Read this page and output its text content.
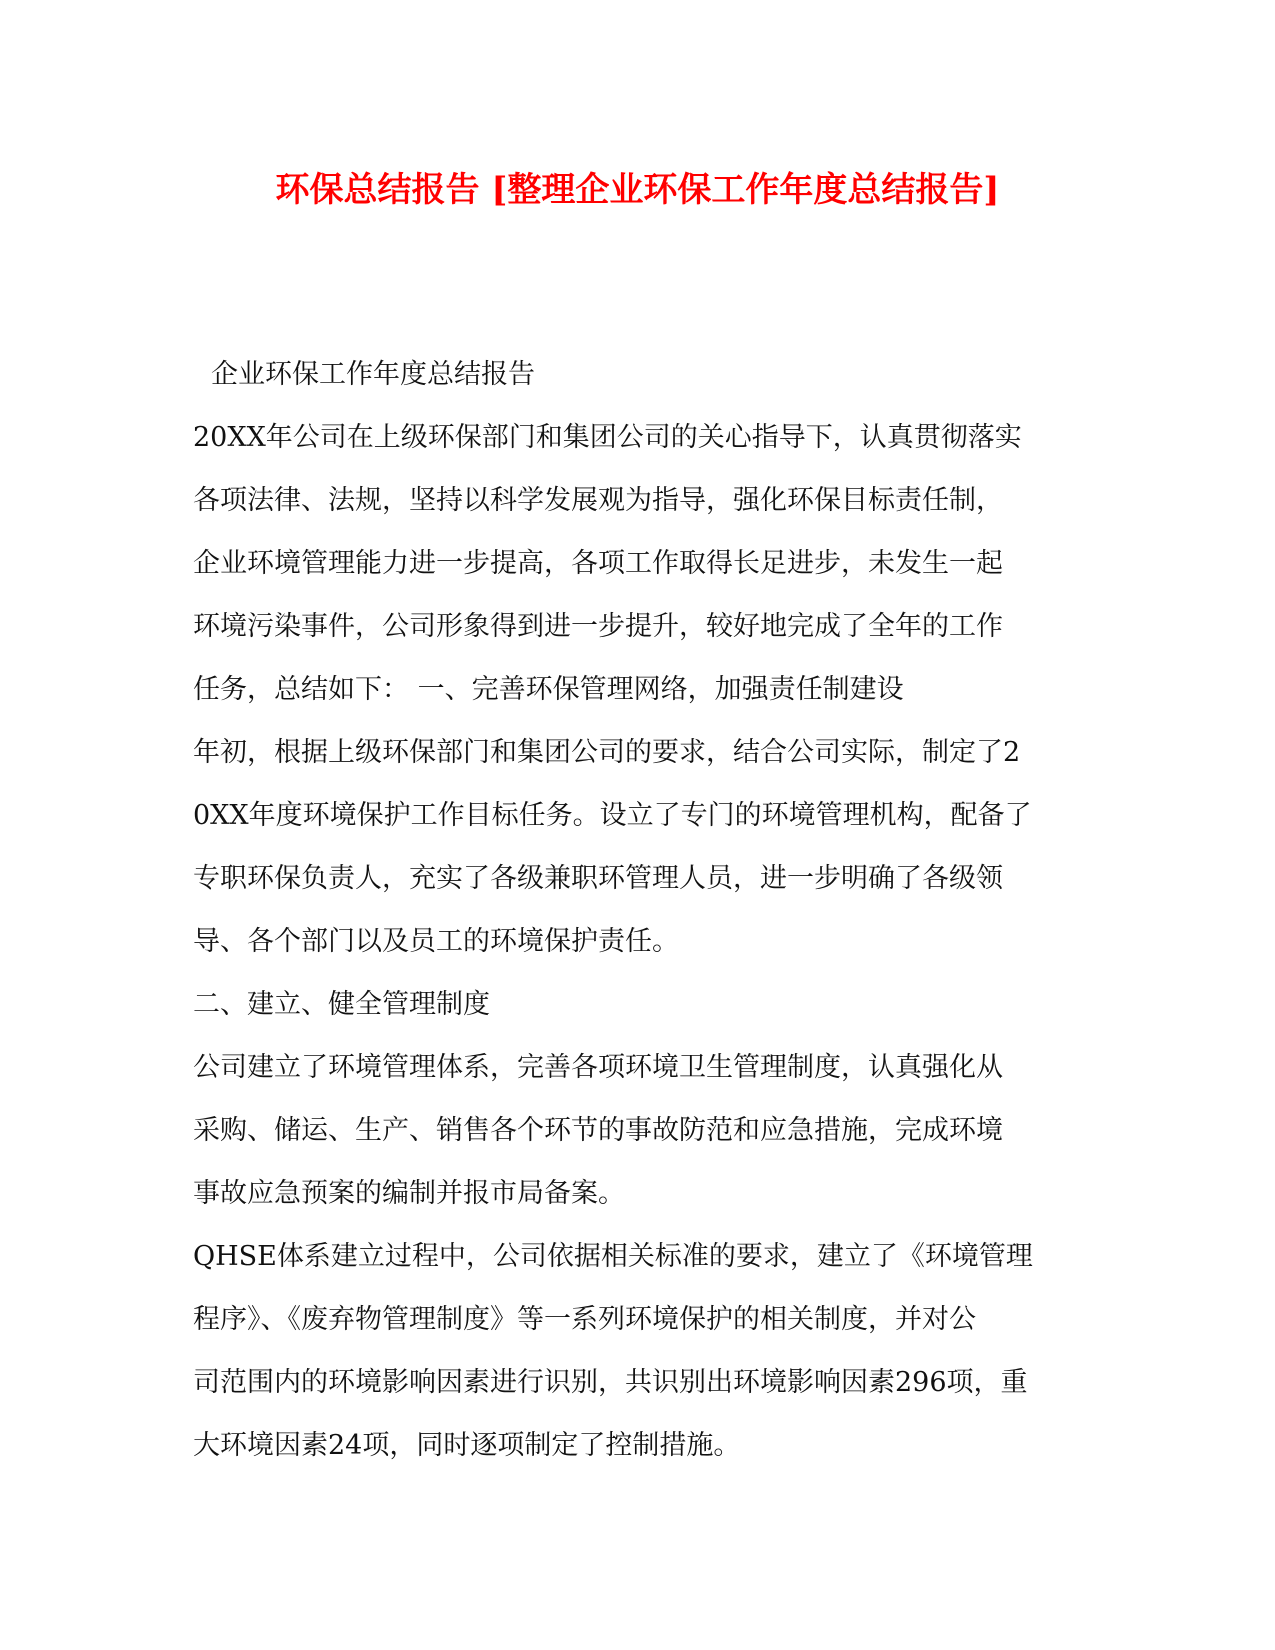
环保总结报告 [整理企业环保工作年度总结报告]
企业环保工作年度总结报告
20XX年公司在上级环保部门和集团公司的关心指导下，认真贯彻落实
各项法律、法规，坚持以科学发展观为指导，强化环保目标责任制，
企业环境管理能力进一步提高，各项工作取得长足进步，未发生一起
环境污染事件，公司形象得到进一步提升，较好地完成了全年的工作
任务，总结如下： 一、完善环保管理网络，加强责任制建设
年初，根据上级环保部门和集团公司的要求，结合公司实际，制定了2
0XX年度环境保护工作目标任务。设立了专门的环境管理机构，配备了
专职环保负责人，充实了各级兼职环管理人员，进一步明确了各级领
导、各个部门以及员工的环境保护责任。
二、建立、健全管理制度
公司建立了环境管理体系，完善各项环境卫生管理制度，认真强化从
采购、储运、生产、销售各个环节的事故防范和应急措施，完成环境
事故应急预案的编制并报市局备案。
QHSE体系建立过程中，公司依据相关标准的要求，建立了《环境管理
程序》、《废弃物管理制度》等一系列环境保护的相关制度，并对公
司范围内的环境影响因素进行识别，共识别出环境影响因素296项，重
大环境因素24项，同时逐项制定了控制措施。
